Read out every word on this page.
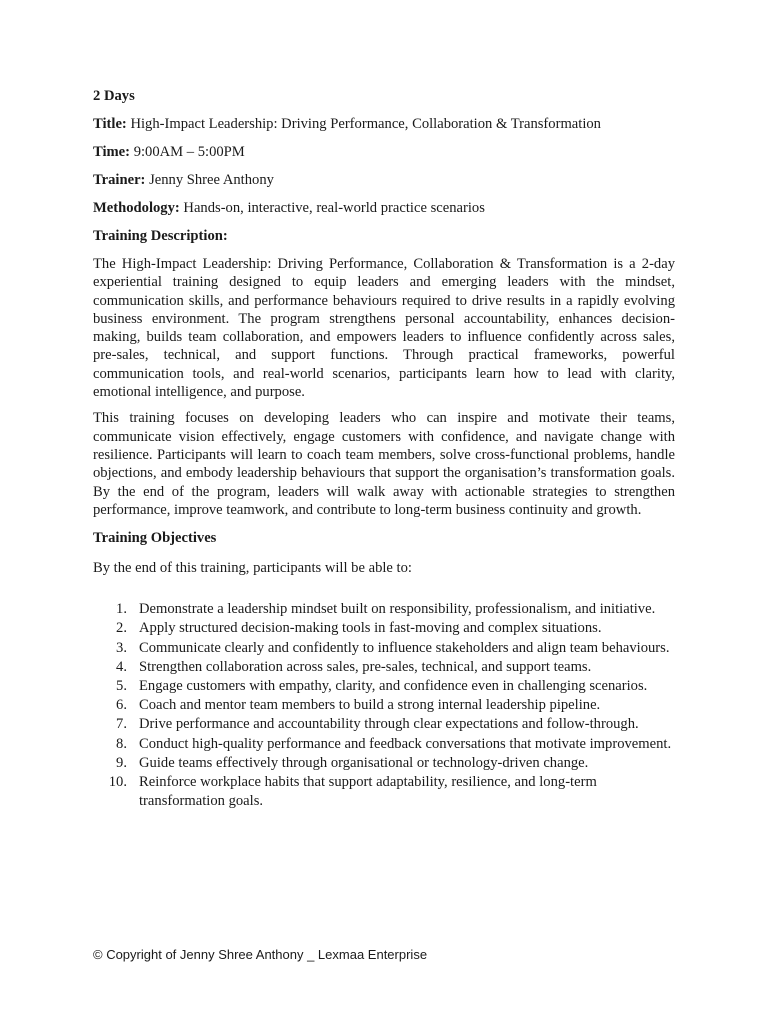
2 Days

Title: High-Impact Leadership: Driving Performance, Collaboration & Transformation

Time: 9:00AM – 5:00PM

Trainer: Jenny Shree Anthony

Methodology: Hands-on, interactive, real-world practice scenarios

Training Description:

The High-Impact Leadership: Driving Performance, Collaboration & Transformation is a 2-day experiential training designed to equip leaders and emerging leaders with the mindset, communication skills, and performance behaviours required to drive results in a rapidly evolving business environment. The program strengthens personal accountability, enhances decision-making, builds team collaboration, and empowers leaders to influence confidently across sales, pre-sales, technical, and support functions. Through practical frameworks, powerful communication tools, and real-world scenarios, participants learn how to lead with clarity, emotional intelligence, and purpose.

This training focuses on developing leaders who can inspire and motivate their teams, communicate vision effectively, engage customers with confidence, and navigate change with resilience. Participants will learn to coach team members, solve cross-functional problems, handle objections, and embody leadership behaviours that support the organisation’s transformation goals. By the end of the program, leaders will walk away with actionable strategies to strengthen performance, improve teamwork, and contribute to long-term business continuity and growth.

Training Objectives

By the end of this training, participants will be able to:

1. Demonstrate a leadership mindset built on responsibility, professionalism, and initiative.
2. Apply structured decision-making tools in fast-moving and complex situations.
3. Communicate clearly and confidently to influence stakeholders and align team behaviours.
4. Strengthen collaboration across sales, pre-sales, technical, and support teams.
5. Engage customers with empathy, clarity, and confidence even in challenging scenarios.
6. Coach and mentor team members to build a strong internal leadership pipeline.
7. Drive performance and accountability through clear expectations and follow-through.
8. Conduct high-quality performance and feedback conversations that motivate improvement.
9. Guide teams effectively through organisational or technology-driven change.
10. Reinforce workplace habits that support adaptability, resilience, and long-term transformation goals.
© Copyright of Jenny Shree Anthony _ Lexmaa Enterprise
